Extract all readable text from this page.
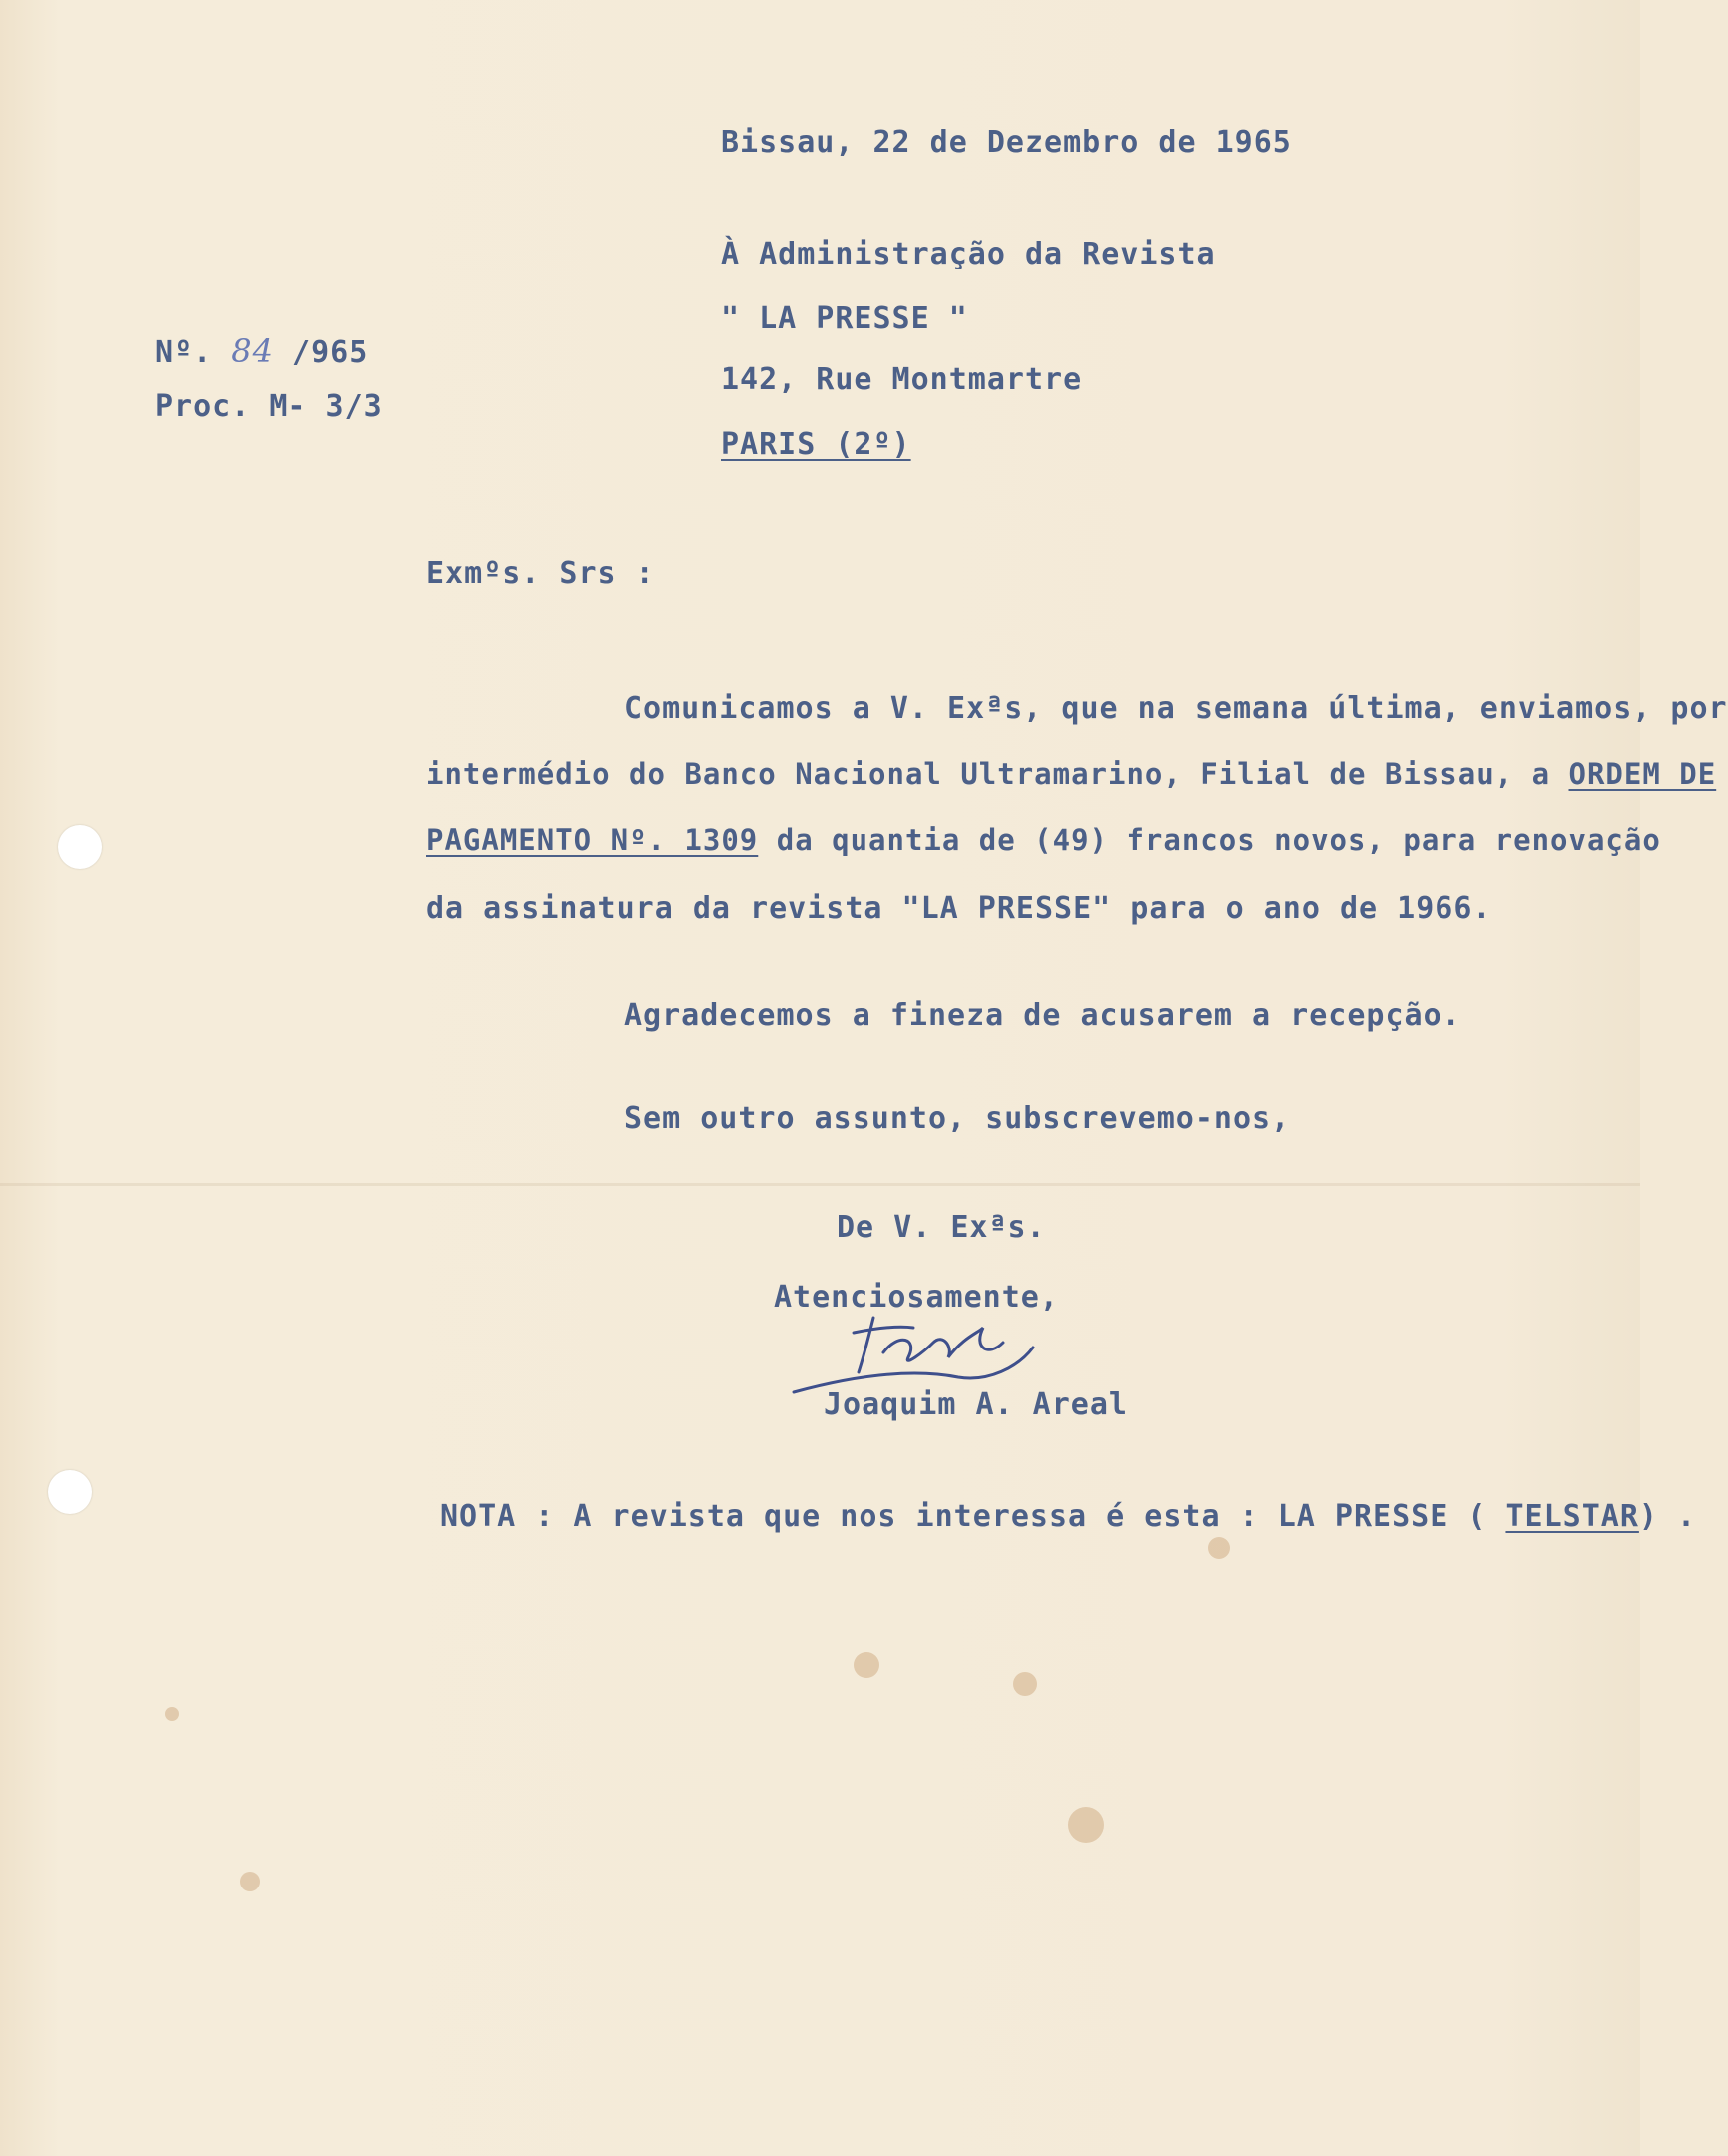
Bissau, 22 de Dezembro de 1965
Nº. 84 /965
Proc. M- 3/3
À Administração da Revista
" LA PRESSE "
142, Rue Montmartre
PARIS (2º)
Exmºs. Srs :
Comunicamos a V. Exªs, que na semana última, enviamos, por
intermédio do Banco Nacional Ultramarino, Filial de Bissau, a ORDEM DE
PAGAMENTO Nº. 1309 da quantia de (49) francos novos, para renovação
da assinatura da revista "LA PRESSE" para o ano de 1966.
Agradecemos a fineza de acusarem a recepção.
Sem outro assunto, subscrevemo-nos,
De V. Exªs.
Atenciosamente,
Joaquim A. Areal
NOTA : A revista que nos interessa é esta : LA PRESSE ( TELSTAR) .
